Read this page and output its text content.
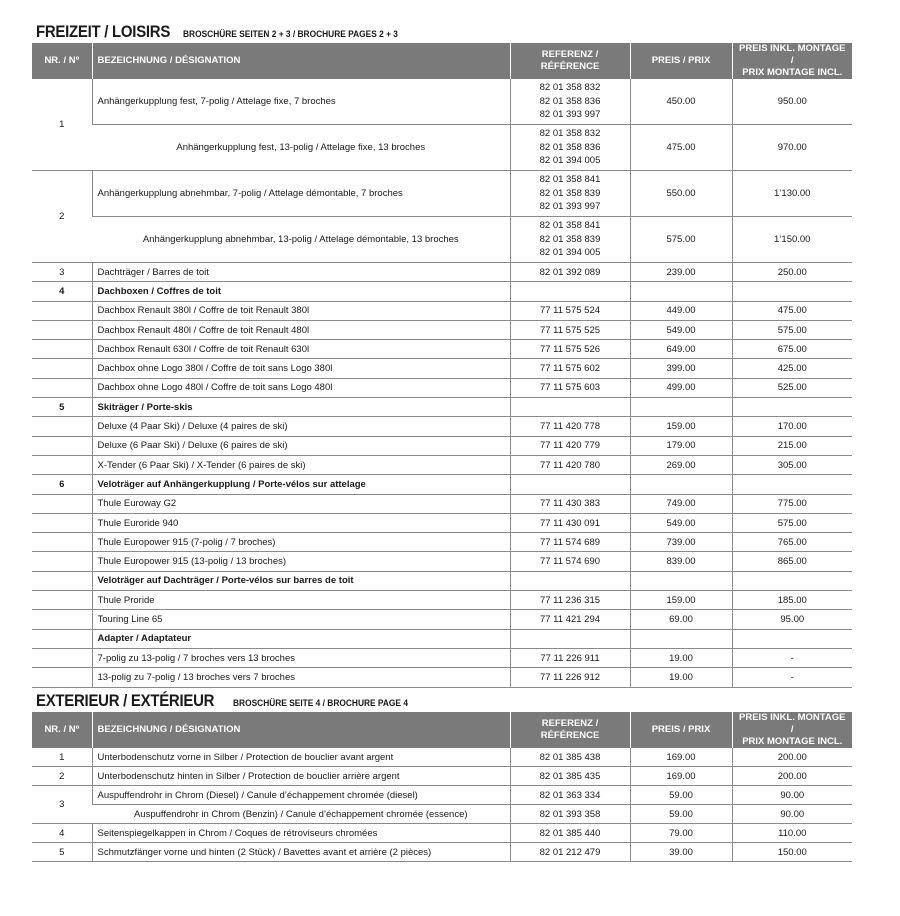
FREIZEIT / LOISIRS BROSCHÜRE SEITEN 2 + 3 / BROCHURE PAGES 2 + 3
NR. / Nº	BEZEICHNUNG / DÉSIGNATION	REFERENZ / RÉFÉRENCE	PREIS / PRIX	PREIS INKL. MONTAGE /
PRIX MONTAGE INCL.
1	Anhängerkupplung fest, 7-polig / Attelage fixe, 7 broches	82 01 358 832
82 01 358 836
82 01 393 997	450.00	950.00
	Anhängerkupplung fest, 13-polig / Attelage fixe, 13 broches	82 01 358 832
82 01 358 836
82 01 394 005	475.00	970.00
2	Anhängerkupplung abnehmbar, 7-polig / Attelage démontable, 7 broches	82 01 358 841
82 01 358 839
82 01 393 997	550.00	1’130.00
	Anhängerkupplung abnehmbar, 13-polig / Attelage démontable, 13 broches	82 01 358 841
82 01 358 839
82 01 394 005	575.00	1’150.00
3	Dachträger / Barres de toit	82 01 392 089	239.00	250.00
4	Dachboxen / Coffres de toit			
	Dachbox Renault 380l / Coffre de toit Renault 380l	77 11 575 524	449.00	475.00
	Dachbox Renault 480l / Coffre de toit Renault 480l	77 11 575 525	549.00	575.00
	Dachbox Renault 630l / Coffre de toit Renault 630l	77 11 575 526	649.00	675.00
	Dachbox ohne Logo 380l / Coffre de toit sans Logo 380l	77 11 575 602	399.00	425.00
	Dachbox ohne Logo 480l / Coffre de toit sans Logo 480l	77 11 575 603	499.00	525.00
5	Skiträger / Porte-skis			
	Deluxe (4 Paar Ski) / Deluxe (4 paires de ski)	77 11 420 778	159.00	170.00
	Deluxe (6 Paar Ski) / Deluxe (6 paires de ski)	77 11 420 779	179.00	215.00
	X-Tender (6 Paar Ski) / X-Tender (6 paires de ski)	77 11 420 780	269.00	305.00
6	Veloträger auf Anhängerkupplung / Porte-vélos sur attelage			
	Thule Euroway G2	77 11 430 383	749.00	775.00
	Thule Euroride 940	77 11 430 091	549.00	575.00
	Thule Europower 915 (7-polig / 7 broches)	77 11 574 689	739.00	765.00
	Thule Europower 915 (13-polig / 13 broches)	77 11 574 690	839.00	865.00
	Veloträger auf Dachträger / Porte-vélos sur barres de toit			
	Thule Proride	77 11 236 315	159.00	185.00
	Touring Line 65	77 11 421 294	69.00	95.00
	Adapter / Adaptateur			
	7-polig zu 13-polig / 7 broches vers 13 broches	77 11 226 911	19.00	-
	13-polig zu 7-polig / 13 broches vers 7 broches	77 11 226 912	19.00	-
EXTERIEUR / EXTÉRIEUR BROSCHÜRE SEITE 4 / BROCHURE PAGE 4
NR. / Nº	BEZEICHNUNG / DÉSIGNATION	REFERENZ / RÉFÉRENCE	PREIS / PRIX	PREIS INKL. MONTAGE /
PRIX MONTAGE INCL.
1	Unterbodenschutz vorne in Silber / Protection de bouclier avant argent	82 01 385 438	169.00	200.00
2	Unterbodenschutz hinten in Silber / Protection de bouclier arrière argent	82 01 385 435	169.00	200.00
3	Auspuffendrohr in Chrom (Diesel) / Canule d’échappement chromée (diesel)	82 01 363 334	59.00	90.00
	Auspuffendrohr in Chrom (Benzin) / Canule d’échappement chromée (essence)	82 01 393 358	59.00	90.00
4	Seitenspiegelkappen in Chrom / Coques de rétroviseurs chromées	82 01 385 440	79.00	110.00
5	Schmutzfänger vorne und hinten (2 Stück) / Bavettes avant et arrière (2 pièces)	82 01 212 479	39.00	150.00
